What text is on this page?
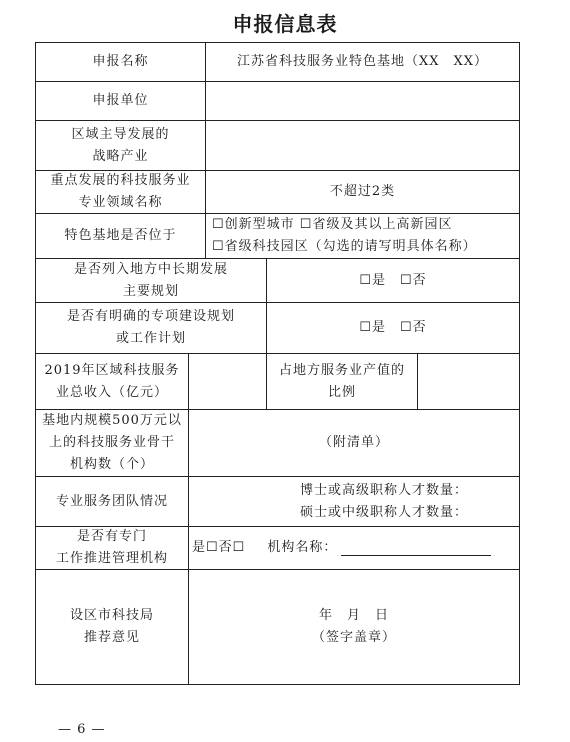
申报信息表
申报名称	江苏省科技服务业特色基地（XX　XX）
申报单位
区域主导发展的
战略产业
重点发展的科技服务业
专业领域名称
不超过2类
特色基地是否位于
☐创新型城市 ☐省级及其以上高新园区
☐省级科技园区（勾选的请写明具体名称）
是否列入地方中长期发展
主要规划
☐是　☐否
是否有明确的专项建设规划
或工作计划
☐是　☐否
2019年区域科技服务
业总收入（亿元）
占地方服务业产值的
比例
基地内规模500万元以
上的科技服务业骨干
机构数（个）
（附清单）
专业服务团队情况
博士或高级职称人才数量：
硕士或中级职称人才数量：
是否有专门
工作推进管理机构
是☐否☐ 机构名称：
设区市科技局
推荐意见
年　月　日
（签字盖章）
— 6 —
